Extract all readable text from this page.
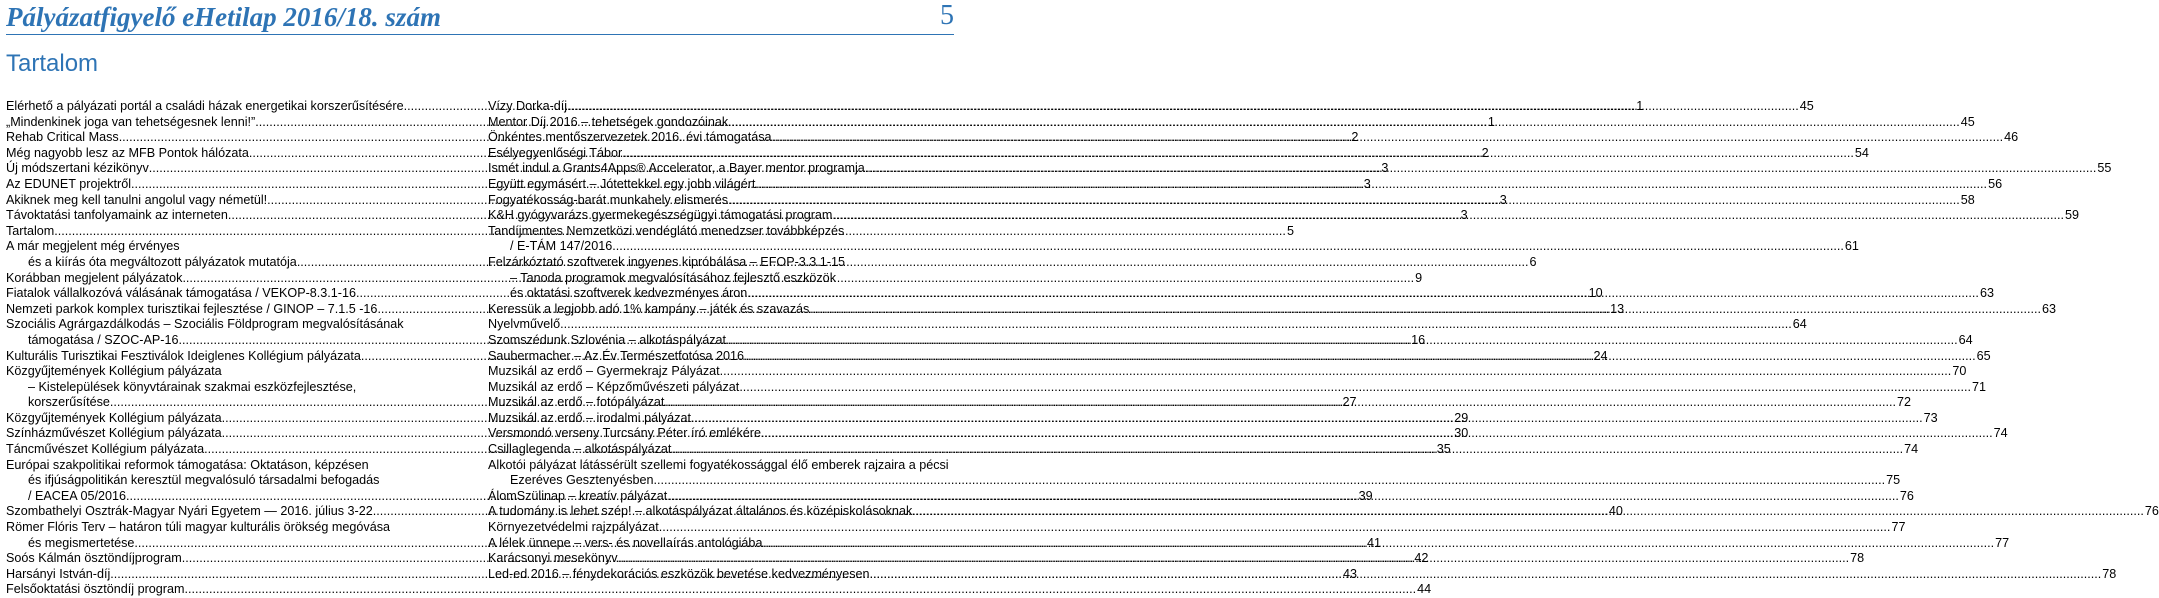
Pályázatfigyelő eHetilap 2016/18. szám	5
Tartalom
Elérhető a pályázati portál a családi házak energetikai korszerűsítésére .....	1
„Mindenkinek joga van tehetségesnek lenni!” .....	1
Rehab Critical Mass .....	2
Még nagyobb lesz az MFB Pontok hálózata .....	2
Új módszertani kézikönyv .....	3
Az EDUNET projektről .....	3
Akiknek meg kell tanulni angolul vagy németül! .....	3
Távoktatási tanfolyamaink az interneten .....	3
Tartalom .....	5
A már megjelent még érvényes
és a kiírás óta megváltozott pályázatok mutatója .....	6
Korábban megjelent pályázatok .....	9
Fiatalok vállalkozóvá válásának támogatása / VEKOP-8.3.1-16 .....	10
Nemzeti parkok komplex turisztikai fejlesztése / GINOP – 7.1.5 -16 .....	13
Szociális Agrárgazdálkodás – Szociális Földprogram megvalósításának
támogatása / SZOC-AP-16 .....	16
Kulturális Turisztikai Fesztiválok Ideiglenes Kollégium pályázata .....	24
Közgyűjtemények Kollégium pályázata
– Kistelepülések könyvtárainak szakmai eszközfejlesztése,
korszerűsítése .....	27
Közgyűjtemények Kollégium pályázata .....	29
Színházművészet Kollégium pályázata .....	30
Táncművészet Kollégium pályázata .....	35
Európai szakpolitikai reformok támogatása: Oktatáson, képzésen
és ifjúságpolitikán keresztül megvalósuló társadalmi befogadás
/ EACEA 05/2016 .....	39
Szombathelyi Osztrák-Magyar Nyári Egyetem — 2016. július 3-22. .....	40
Römer Flóris Terv – határon túli magyar kulturális örökség megóvása
és megismertetése .....	41
Soós Kálmán ösztöndíjprogram .....	42
Harsányi István-díj .....	43
Felsőoktatási ösztöndíj program .....	44
Vízy Dorka-díj .....	45
Mentor Díj 2016 – tehetségek gondozóinak .....	45
Önkéntes mentőszervezetek 2016. évi támogatása .....	46
Esélyegyenlőségi Tábor .....	54
Ismét indul a Grants4Apps® Accelerator, a Bayer mentor programja .....	55
Együtt egymásért – Jótettekkel egy jobb világért .....	56
Fogyatékosság-barát munkahely elismerés .....	58
K&H gyógyvarázs gyermekegészségügyi támogatási program .....	59
Tandíjmentes Nemzetközi vendéglátó menedzser továbbképzés
/ E-TÁM 147/2016 .....	61
Felzárkóztató szoftverek ingyenes kipróbálása – EFOP-3.3.1-15
– Tanoda programok megvalósításához fejlesztő eszközök
és oktatási szoftverek kedvezményes áron .....	63
Keressük a legjobb adó 1% kampány – játék és szavazás .....	63
Nyelvművelő .....	64
Szomszédunk Szlovénia – alkotáspályázat .....	64
Saubermacher – Az Év Természetfotósa 2016 .....	65
Muzsikál az erdő – Gyermekrajz Pályázat .....	70
Muzsikál az erdő – Képzőművészeti pályázat .....	71
Muzsikál az erdő – fotópályázat .....	72
Muzsikál az erdő – irodalmi pályázat .....	73
Versmondó verseny Turcsány Péter író emlékére .....	74
Csillaglegenda – alkotáspályázat .....	74
Alkotói pályázat látássérült szellemi fogyatékossággal élő emberek rajzaira a pécsi
Ezeréves Gesztenyésben .....	75
ÁlomSzülinap – kreatív pályázat .....	76
A tudomány is lehet szép! – alkotáspályázat általános és középiskolásoknak .....	76
Környezetvédelmi rajzpályázat .....	77
A lélek ünnepe – vers- és novellaírás antológiába .....	77
Karácsonyi mesekönyv .....	78
Led-ed 2016 – fénydekorációs eszközök bevetése kedvezményesen .....	78
